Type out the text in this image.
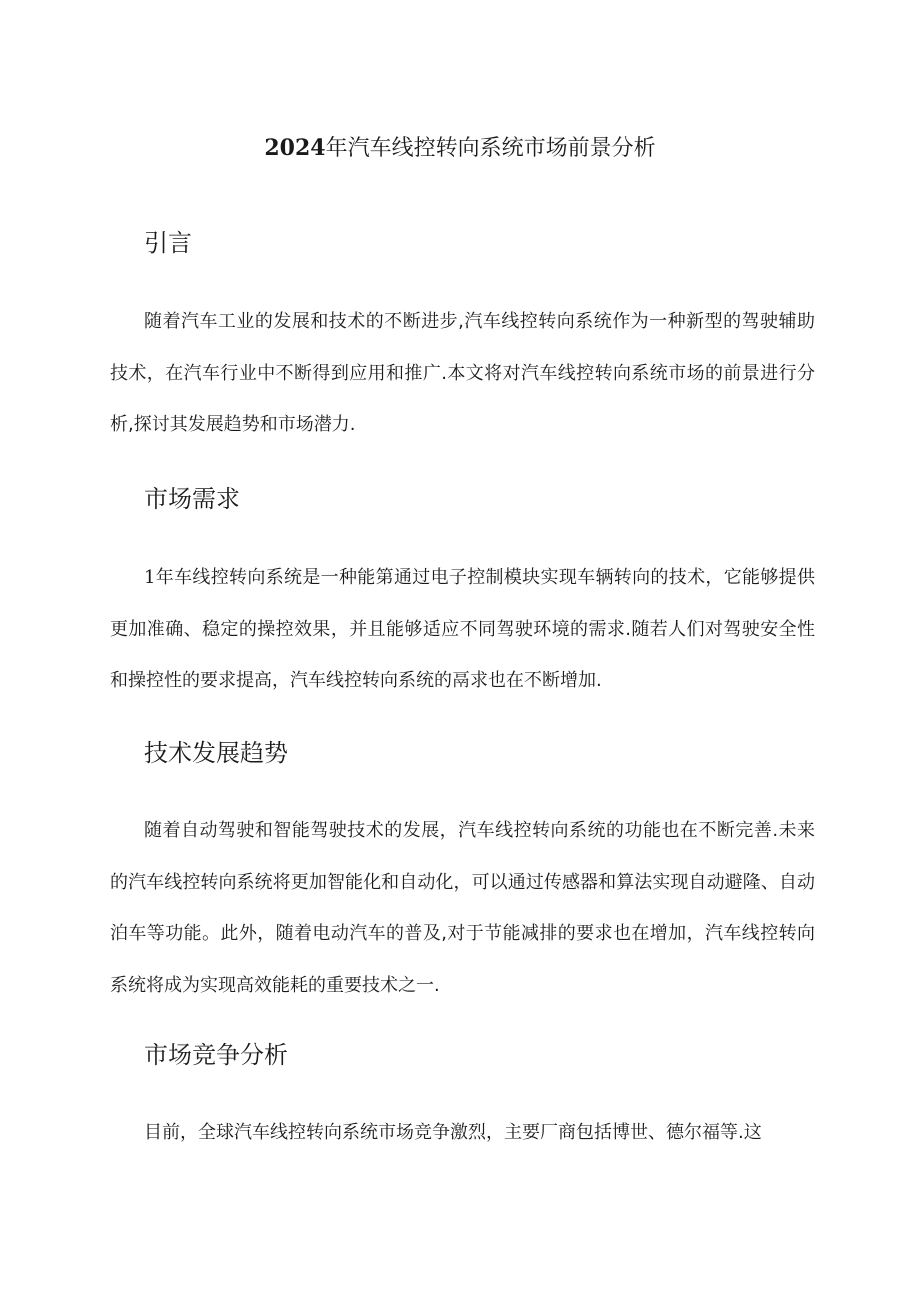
2024年汽车线控转向系统市场前景分析
引言

随着汽车工业的发展和技术的不断进步,汽车线控转向系统作为一种新型的驾驶辅助技术，在汽车行业中不断得到应用和推广.本文将对汽车线控转向系统市场的前景进行分析,探讨其发展趋势和市场潜力.

市场需求

1年车线控转向系统是一种能第通过电子控制模块实现车辆转向的技术，它能够提供更加准确、稳定的操控效果，并且能够适应不同驾驶环境的需求.随若人们对驾驶安全性和操控性的要求提高，汽车线控转向系统的鬲求也在不断增加.

技术发展趋势

随着自动驾驶和智能驾驶技术的发展，汽车线控转向系统的功能也在不断完善.未来的汽车线控转向系统将更加智能化和自动化，可以通过传感器和算法实现自动避隆、自动泊车等功能。此外，随着电动汽车的普及,对于节能减排的要求也在增加，汽车线控转向系统将成为实现高效能耗的重要技术之一.

市场竞争分析

目前，全球汽车线控转向系统市场竞争激烈，主要厂商包括博世、德尔福等.这
